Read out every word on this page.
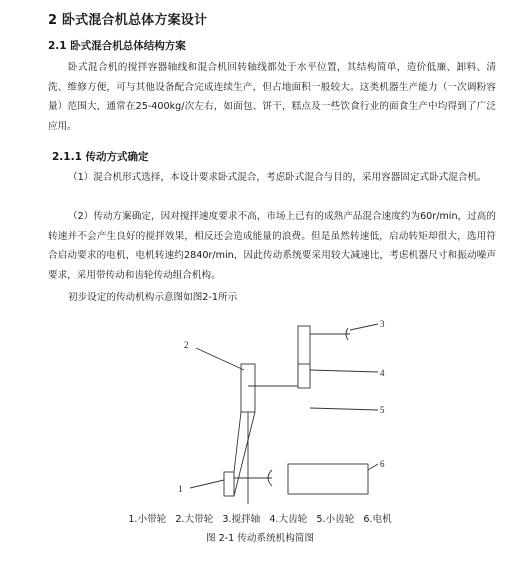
2 卧式混合机总体方案设计
2.1 卧式混合机总体结构方案

卧式混合机的搅拌容器轴线和混合机回转轴线都处于水平位置，其结构简单，造价低廉、卸料、清洗、维修方便，可与其他设备配合完成连续生产，但占地面积一般较大。这类机器生产能力（一次调粉容量）范围大，通常在25-400kg/次左右，如面包、饼干，糕点及一些饮食行业的面食生产中均得到了广泛应用。

2.1.1 传动方式确定

（1）混合机形式选择，本设计要求卧式混合，考虑卧式混合与目的，采用容器固定式卧式混合机。

（2）传动方案确定，因对搅拌速度要求不高，市场上已有的成熟产品混合速度约为60r/min，过高的转速并不会产生良好的搅拌效果，相反还会造成能量的浪费。但是虽然转速低，启动转矩却很大，选用符合启动要求的电机，电机转速约2840r/min，因此传动系统要采用较大减速比，考虑机器尺寸和振动噪声要求，采用带传动和齿轮传动组合机构。

初步设定的传动机构示意图如图2-1所示

1
2
3
4
5
6
1.小带轮 2.大带轮 3.搅拌轴 4.大齿轮 5.小齿轮 6.电机
图 2-1 传动系统机构简图
